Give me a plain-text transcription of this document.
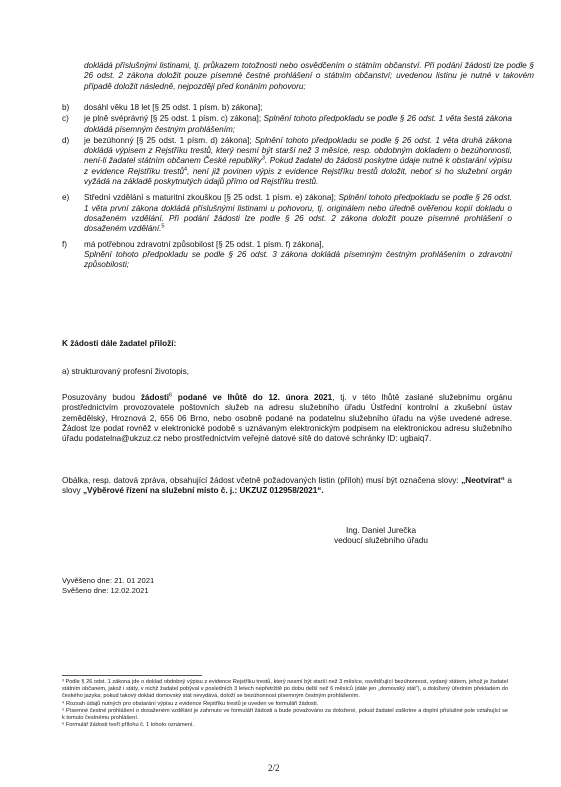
dokládá příslušnými listinami, tj. průkazem totožnosti nebo osvědčením o státním občanství. Při podání žádosti lze podle § 26 odst. 2 zákona doložit pouze písemné čestné prohlášení o státním občanství; uvedenou listinu je nutné v takovém případě doložit následně, nejpozději před konáním pohovoru;

b)	dosáhl věku 18 let [§ 25 odst. 1 písm. b) zákona];
c)	je plně svéprávný [§ 25 odst. 1 písm. c) zákona]; Splnění tohoto předpokladu se podle § 26 odst. 1 věta šestá zákona dokládá písemným čestným prohlášením;
d)	je bezúhonný [§ 25 odst. 1 písm. d) zákona]; Splnění tohoto předpokladu se podle § 26 odst. 1 věta druhá zákona dokládá výpisem z Rejstříku trestů, který nesmí být starší než 3 měsíce, resp. obdobným dokladem o bezúhonnosti, není-li žadatel státním občanem České republiky$^3$. Pokud žadatel do žádosti poskytne údaje nutné k obstarání výpisu z evidence Rejstříku trestů$^4$, není již povinen výpis z evidence Rejstříku trestů doložit, neboť si ho služební orgán vyžádá na základě poskytnutých údajů přímo od Rejstříku trestů.
e)	Střední vzdělání s maturitní zkouškou [§ 25 odst. 1 písm. e) zákona]; Splnění tohoto předpokladu se podle § 26 odst. 1 věta první zákona dokládá příslušnými listinami u pohovoru, tj. originálem nebo úředně ověřenou kopií dokladu o dosaženém vzdělání. Při podání žádosti lze podle § 26 odst. 2 zákona doložit pouze písemné prohlášení o dosaženém vzdělání.$^5$
f)	má potřebnou zdravotní způsobilost [§ 25 odst. 1 písm. f) zákona],
Splnění tohoto předpokladu se podle § 26 odst. 3 zákona dokládá písemným čestným prohlášením o zdravotní způsobilosti;
K žádosti dále žadatel přiloží:
a) strukturovaný profesní životopis,
Posuzovány budou žádosti$^6$ podané ve lhůtě do 12. února 2021, tj. v této lhůtě zaslané služebnímu orgánu prostřednictvím provozovatele poštovních služeb na adresu služebního úřadu Ústřední kontrolní a zkušební ústav zemědělský, Hroznová 2, 656 06 Brno, nebo osobně podané na podatelnu služebního úřadu na výše uvedené adrese. Žádost lze podat rovněž v elektronické podobě s uznávaným elektronickým podpisem na elektronickou adresu služebního úřadu podatelna@ukzuz.cz nebo prostřednictvím veřejné datové sítě do datové schránky ID: ugbaiq7.
Obálka, resp. datová zpráva, obsahující žádost včetně požadovaných listin (příloh) musí být označena slovy: „Neotvírat“ a slovy „Výběrové řízení na služební místo č. j.: UKZUZ 012958/2021“.
Ing. Daniel Jurečka
vedoucí služebního úřadu
Vyvěšeno dne: 21. 01 2021
Svěšeno dne: 12.02.2021

³ Podle § 26 odst. 1 zákona jde o doklad obdobný výpisu z evidence Rejstříku trestů, který nesmí být starší než 3 měsíce, osvědčující bezúhonnost, vydaný státem, jehož je žadatel státním občanem, jakož i státy, v nichž žadatel pobýval v posledních 3 letech nepřetržitě po dobu delší než 6 měsíců (dále jen „domovský stát“), a doložený úředním překladem do českého jazyka; pokud takový doklad domovský stát nevydává, doloží se bezúhonnost písemným čestným prohlášením.

⁴ Rozsah údajů nutných pro obstarání výpisu z evidence Rejstříku trestů je uveden ve formuláři žádosti.

⁵ Písemné čestné prohlášení o dosaženém vzdělání je zahrnuto ve formuláři žádosti a bude považováno za doložené, pokud žadatel zaškrtne a doplní příslušné pole vztahující se k tomuto čestnému prohlášení.

⁶ Formulář žádosti tvoří přílohu č. 1 tohoto oznámení.

2/2
